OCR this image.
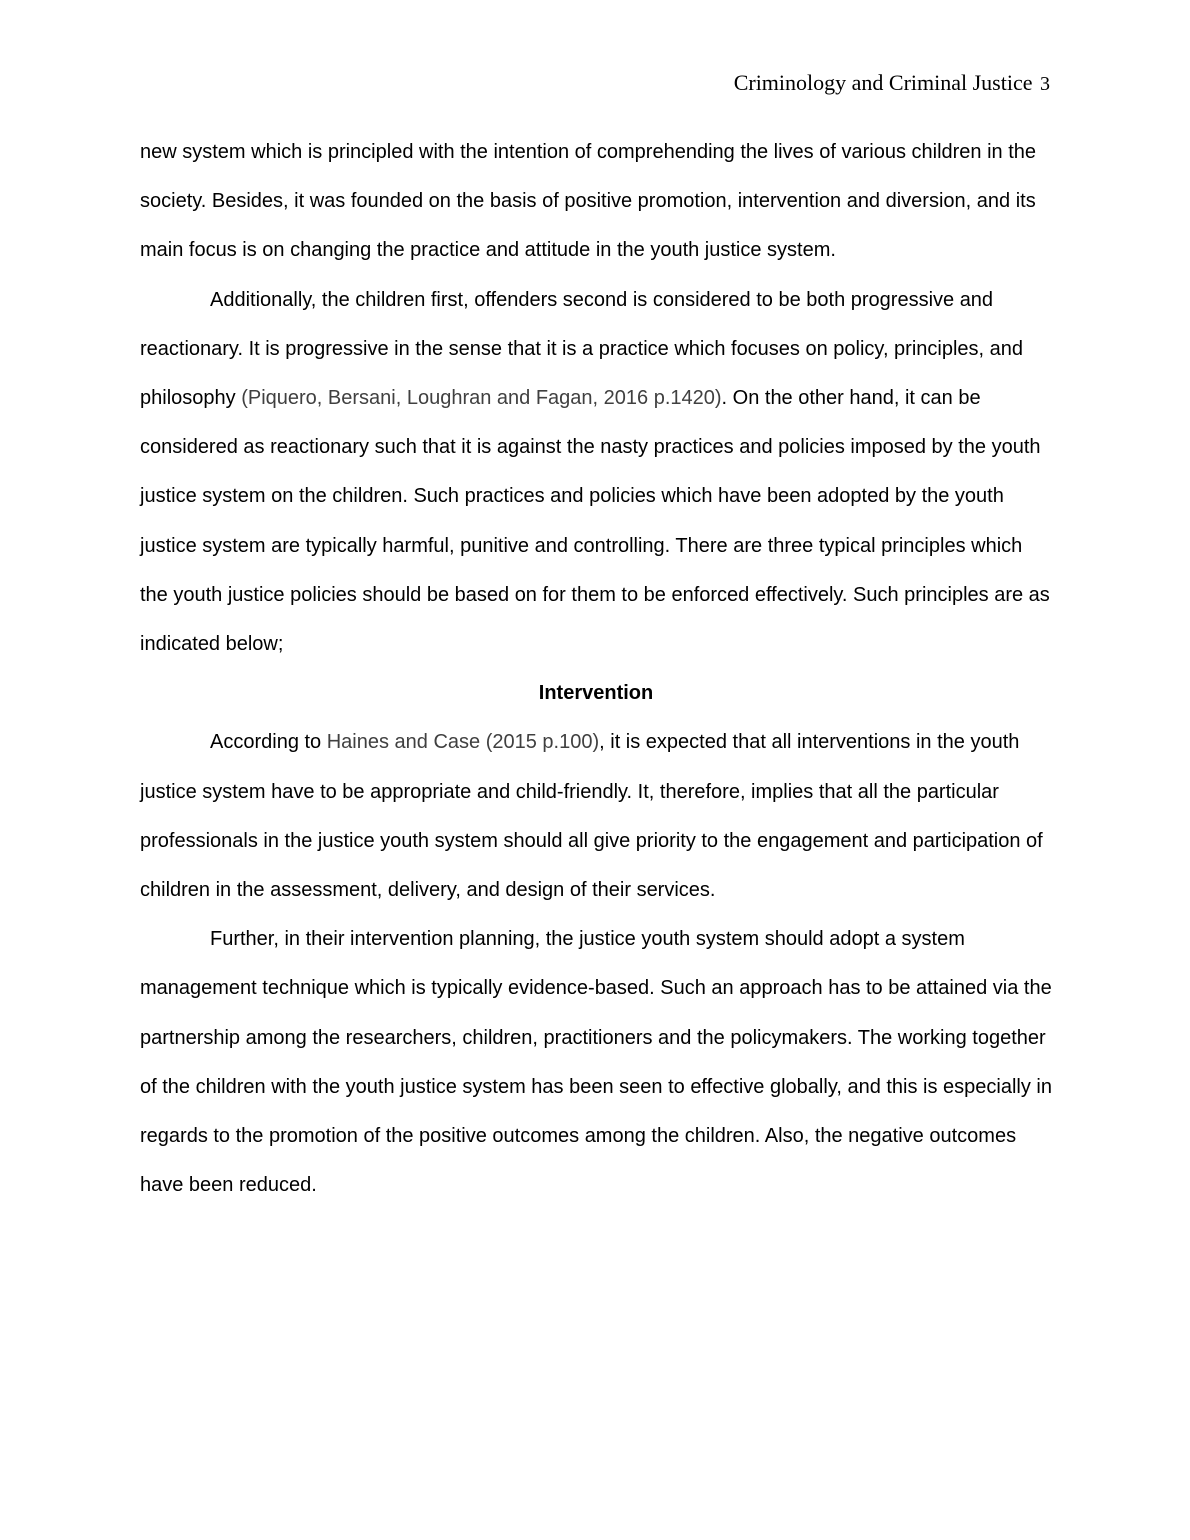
Criminology and Criminal Justice 3

new system which is principled with the intention of comprehending the lives of various children in the society. Besides, it was founded on the basis of positive promotion, intervention and diversion, and its main focus is on changing the practice and attitude in the youth justice system.

Additionally, the children first, offenders second is considered to be both progressive and reactionary. It is progressive in the sense that it is a practice which focuses on policy, principles, and philosophy (Piquero, Bersani, Loughran and Fagan, 2016 p.1420). On the other hand, it can be considered as reactionary such that it is against the nasty practices and policies imposed by the youth justice system on the children. Such practices and policies which have been adopted by the youth justice system are typically harmful, punitive and controlling. There are three typical principles which the youth justice policies should be based on for them to be enforced effectively. Such principles are as indicated below;

Intervention

According to Haines and Case (2015 p.100), it is expected that all interventions in the youth justice system have to be appropriate and child-friendly. It, therefore, implies that all the particular professionals in the justice youth system should all give priority to the engagement and participation of children in the assessment, delivery, and design of their services.

Further, in their intervention planning, the justice youth system should adopt a system management technique which is typically evidence-based. Such an approach has to be attained via the partnership among the researchers, children, practitioners and the policymakers. The working together of the children with the youth justice system has been seen to effective globally, and this is especially in regards to the promotion of the positive outcomes among the children. Also, the negative outcomes have been reduced.
